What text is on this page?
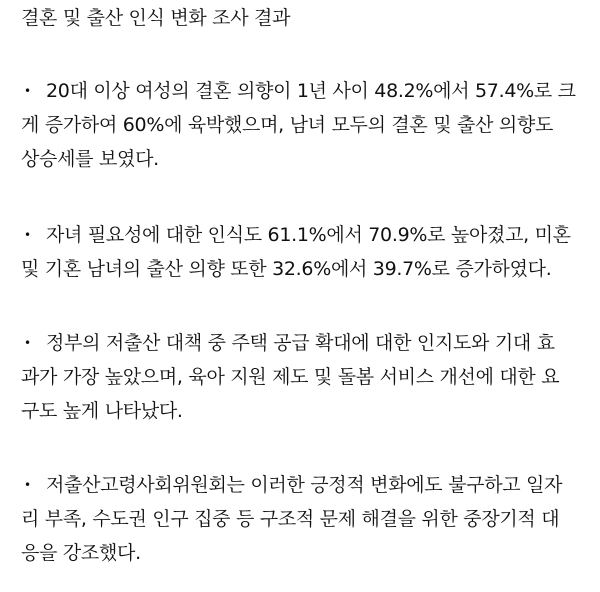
결혼 및 출산 인식 변화 조사 결과
• 20대 이상 여성의 결혼 의향이 1년 사이 48.2%에서 57.4%로 크
게 증가하여 60%에 육박했으며, 남녀 모두의 결혼 및 출산 의향도
상승세를 보였다.
• 자녀 필요성에 대한 인식도 61.1%에서 70.9%로 높아졌고, 미혼
및 기혼 남녀의 출산 의향 또한 32.6%에서 39.7%로 증가하였다.
• 정부의 저출산 대책 중 주택 공급 확대에 대한 인지도와 기대 효
과가 가장 높았으며, 육아 지원 제도 및 돌봄 서비스 개선에 대한 요
구도 높게 나타났다.
• 저출산고령사회위원회는 이러한 긍정적 변화에도 불구하고 일자
리 부족, 수도권 인구 집중 등 구조적 문제 해결을 위한 중장기적 대
응을 강조했다.
